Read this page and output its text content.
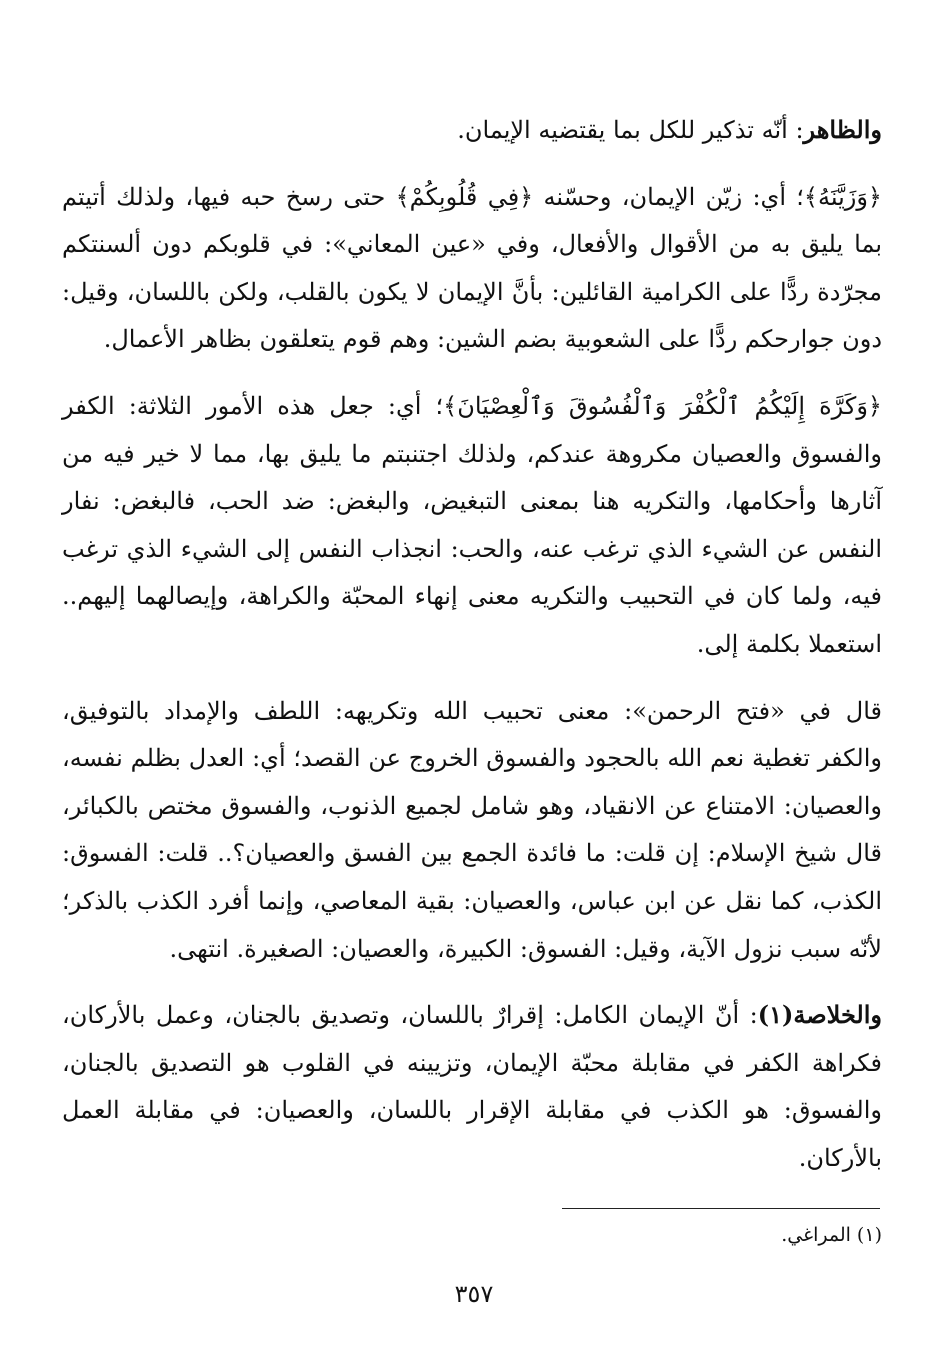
والظاهر: أنّه تذكير للكل بما يقتضيه الإيمان.

﴿وَزَيَّنَهُ﴾؛ أي: زيّن الإيمان، وحسّنه ﴿فِي قُلُوبِكُمْ﴾ حتى رسخ حبه فيها، ولذلك أتيتم بما يليق به من الأقوال والأفعال، وفي «عين المعاني»: في قلوبكم دون ألسنتكم مجرّدة ردًّا على الكرامية القائلين: بأنَّ الإيمان لا يكون بالقلب، ولكن باللسان، وقيل: دون جوارحكم ردًّا على الشعوبية بضم الشين: وهم قوم يتعلقون بظاهر الأعمال.

﴿وَكَرَّهَ إِلَيْكُمُ ٱلْكُفْرَ وَٱلْفُسُوقَ وَٱلْعِصْيَانَ﴾؛ أي: جعل هذه الأمور الثلاثة: الكفر والفسوق والعصيان مكروهة عندكم، ولذلك اجتنبتم ما يليق بها، مما لا خير فيه من آثارها وأحكامها، والتكريه هنا بمعنى التبغيض، والبغض: ضد الحب، فالبغض: نفار النفس عن الشيء الذي ترغب عنه، والحب: انجذاب النفس إلى الشيء الذي ترغب فيه، ولما كان في التحبيب والتكريه معنى إنهاء المحبّة والكراهة، وإيصالهما إليهم.. استعملا بكلمة إلى.

قال في «فتح الرحمن»: معنى تحبيب الله وتكريهه: اللطف والإمداد بالتوفيق، والكفر تغطية نعم الله بالحجود والفسوق الخروج عن القصد؛ أي: العدل بظلم نفسه، والعصيان: الامتناع عن الانقياد، وهو شامل لجميع الذنوب، والفسوق مختص بالكبائر، قال شيخ الإسلام: إن قلت: ما فائدة الجمع بين الفسق والعصيان؟.. قلت: الفسوق: الكذب، كما نقل عن ابن عباس، والعصيان: بقية المعاصي، وإنما أفرد الكذب بالذكر؛ لأنّه سبب نزول الآية، وقيل: الفسوق: الكبيرة، والعصيان: الصغيرة. انتهى.

والخلاصة(١): أنّ الإيمان الكامل: إقرارٌ باللسان، وتصديق بالجنان، وعمل بالأركان، فكراهة الكفر في مقابلة محبّة الإيمان، وتزيينه في القلوب هو التصديق بالجنان، والفسوق: هو الكذب في مقابلة الإقرار باللسان، والعصيان: في مقابلة العمل بالأركان.

(١) المراغي.
٣٥٧
